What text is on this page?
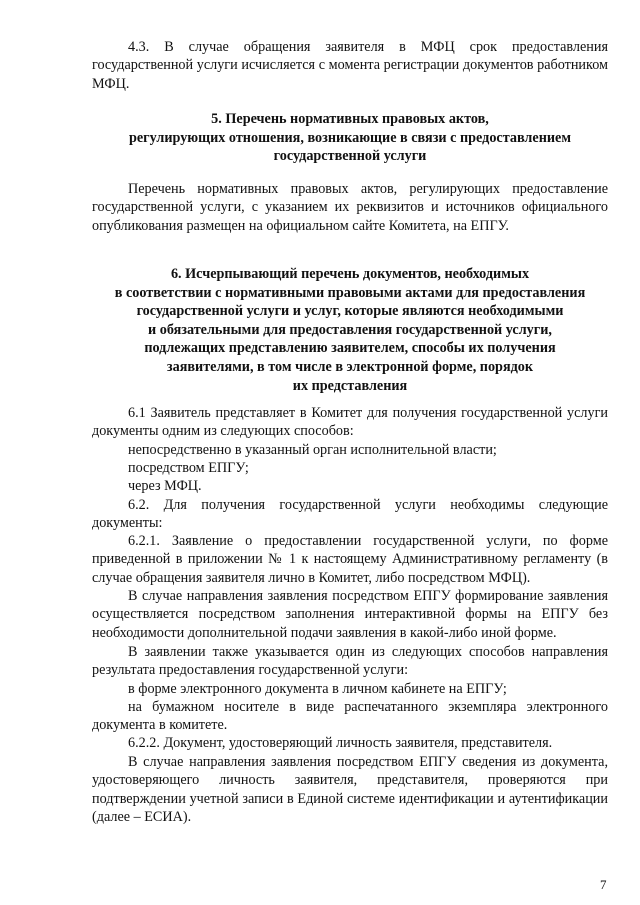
4.3. В случае обращения заявителя в МФЦ срок предоставления государственной услуги исчисляется с момента регистрации документов работником МФЦ.

5. Перечень нормативных правовых актов,
регулирующих отношения, возникающие в связи с предоставлением
государственной услуги

Перечень нормативных правовых актов, регулирующих предоставление государственной услуги, с указанием их реквизитов и источников официального опубликования размещен на официальном сайте Комитета, на ЕПГУ.

6. Исчерпывающий перечень документов, необходимых
в соответствии с нормативными правовыми актами для предоставления
государственной услуги и услуг, которые являются необходимыми
и обязательными для предоставления государственной услуги,
подлежащих представлению заявителем, способы их получения
заявителями, в том числе в электронной форме, порядок
их представления

6.1 Заявитель представляет в Комитет для получения государственной услуги документы одним из следующих способов:

непосредственно в указанный орган исполнительной власти;

посредством ЕПГУ;

через МФЦ.

6.2. Для получения государственной услуги необходимы следующие документы:

6.2.1. Заявление о предоставлении государственной услуги, по форме приведенной в приложении № 1 к настоящему Административному регламенту (в случае обращения заявителя лично в Комитет, либо посредством МФЦ).

В случае направления заявления посредством ЕПГУ формирование заявления осуществляется посредством заполнения интерактивной формы на ЕПГУ без необходимости дополнительной подачи заявления в какой-либо иной форме.

В заявлении также указывается один из следующих способов направления результата предоставления государственной услуги:

в форме электронного документа в личном кабинете на ЕПГУ;

на бумажном носителе в виде распечатанного экземпляра электронного документа в комитете.

6.2.2. Документ, удостоверяющий личность заявителя, представителя.

В случае направления заявления посредством ЕПГУ сведения из документа, удостоверяющего личность заявителя, представителя, проверяются при подтверждении учетной записи в Единой системе идентификации и аутентификации (далее – ЕСИА).

7
